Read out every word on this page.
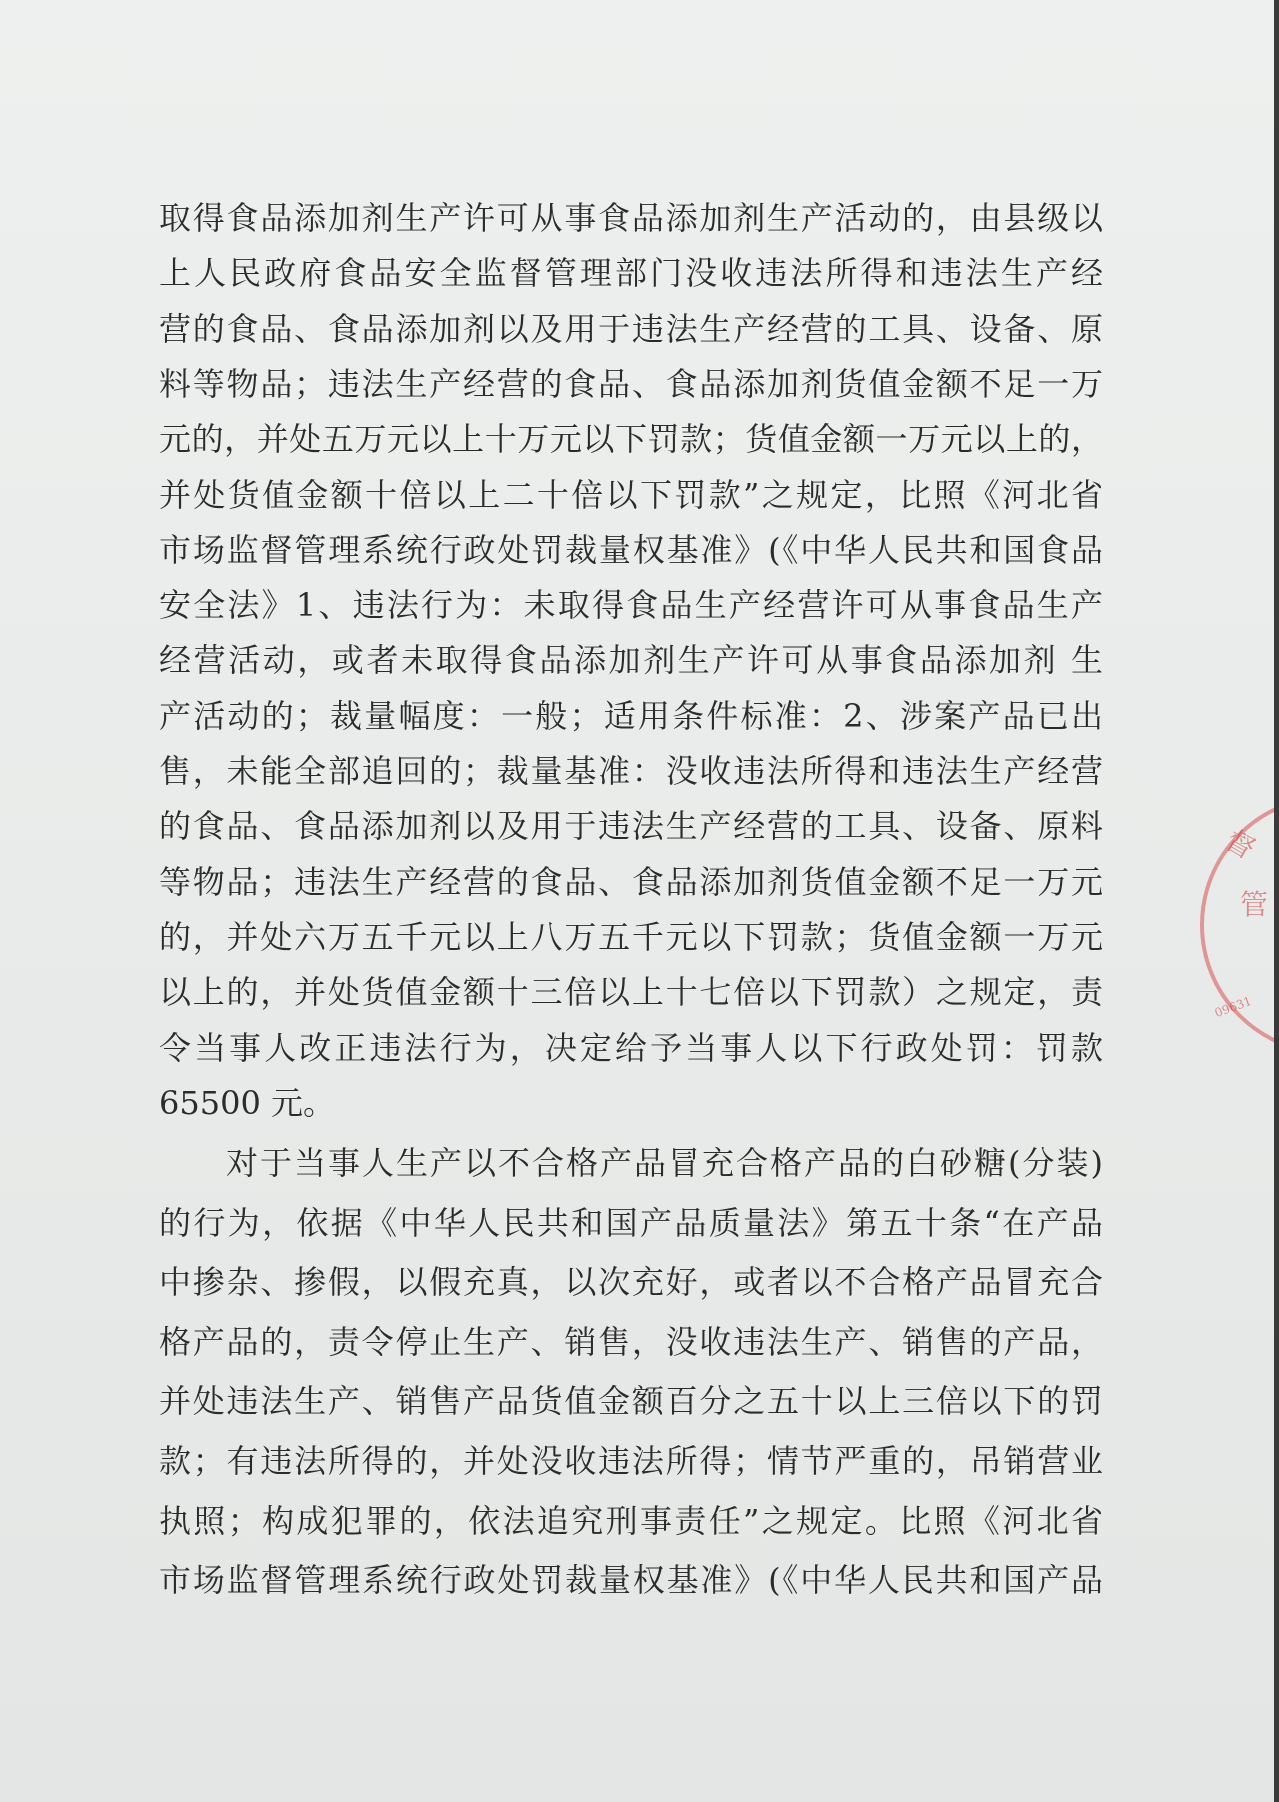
取得食品添加剂生产许可从事食品添加剂生产活动的，由县级以
上人民政府食品安全监督管理部门没收违法所得和违法生产经
营的食品、食品添加剂以及用于违法生产经营的工具、设备、原
料等物品；违法生产经营的食品、食品添加剂货值金额不足一万
元的，并处五万元以上十万元以下罚款；货值金额一万元以上的，
并处货值金额十倍以上二十倍以下罚款”之规定，比照《河北省
市场监督管理系统行政处罚裁量权基准》(《中华人民共和国食品
安全法》1、违法行为：未取得食品生产经营许可从事食品生产
经营活动，或者未取得食品添加剂生产许可从事食品添加剂 生
产活动的；裁量幅度：一般；适用条件标准：2、涉案产品已出
售，未能全部追回的；裁量基准：没收违法所得和违法生产经营
的食品、食品添加剂以及用于违法生产经营的工具、设备、原料
等物品；违法生产经营的食品、食品添加剂货值金额不足一万元
的，并处六万五千元以上八万五千元以下罚款；货值金额一万元
以上的，并处货值金额十三倍以上十七倍以下罚款）之规定，责
令当事人改正违法行为，决定给予当事人以下行政处罚：罚款
65500 元。
对于当事人生产以不合格产品冒充合格产品的白砂糖(分装)
的行为，依据《中华人民共和国产品质量法》第五十条“在产品
中掺杂、掺假，以假充真，以次充好，或者以不合格产品冒充合
格产品的，责令停止生产、销售，没收违法生产、销售的产品，
并处违法生产、销售产品货值金额百分之五十以上三倍以下的罚
款；有违法所得的，并处没收违法所得；情节严重的，吊销营业
执照；构成犯罪的，依法追究刑事责任”之规定。比照《河北省
市场监督管理系统行政处罚裁量权基准》(《中华人民共和国产品
督
管
09631
